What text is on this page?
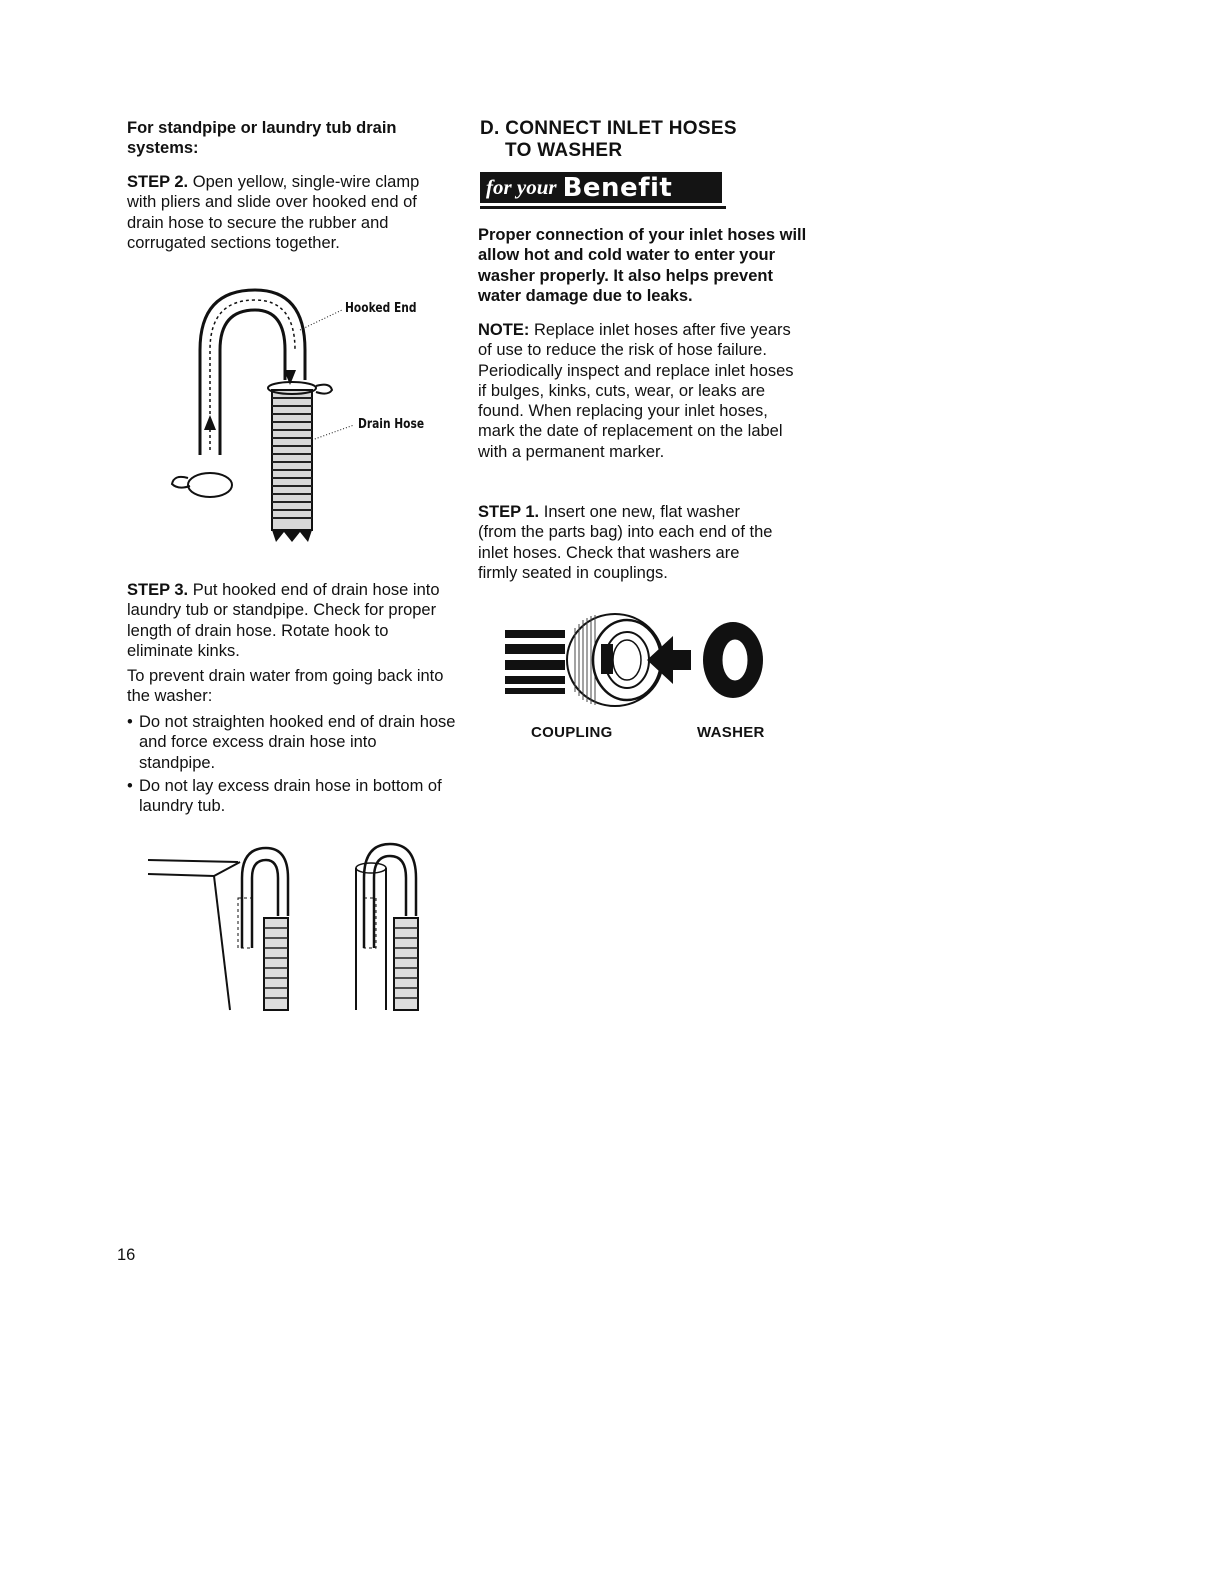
For standpipe or laundry tub drain systems:

STEP 2. Open yellow, single-wire clamp with pliers and slide over hooked end of drain hose to secure the rubber and corrugated sections together.

Hooked End
Drain Hose

STEP 3. Put hooked end of drain hose into laundry tub or standpipe. Check for proper length of drain hose. Rotate hook to eliminate kinks.

To prevent drain water from going back into the washer:

• Do not straighten hooked end of drain hose and force excess drain hose into standpipe.
• Do not lay excess drain hose in bottom of laundry tub.
D. CONNECT INLET HOSES
TO WASHER
for your Benefit

Proper connection of your inlet hoses will allow hot and cold water to enter your washer properly. It also helps prevent water damage due to leaks.

NOTE: Replace inlet hoses after five years of use to reduce the risk of hose failure. Periodically inspect and replace inlet hoses if bulges, kinks, cuts, wear, or leaks are found. When replacing your inlet hoses, mark the date of replacement on the label with a permanent marker.

STEP 1. Insert one new, flat washer (from the parts bag) into each end of the inlet hoses. Check that washers are firmly seated in couplings.

COUPLING	WASHER
16
